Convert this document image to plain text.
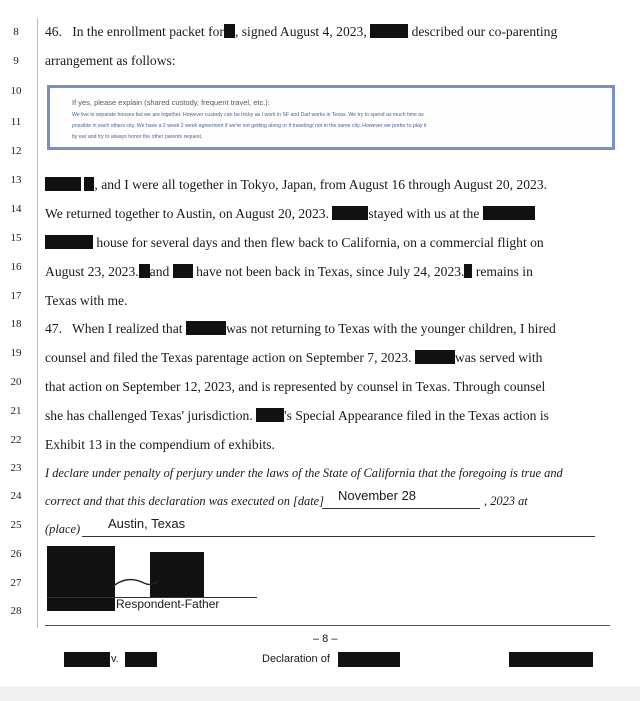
8
9
10
11
12
13
14
15
16
17
18
19
20
21
22
23
24
25
26
27
28
46. In the enrollment packet for , signed August 4, 2023,	described our co-parenting
arrangement as follows:
If yes, please explain (shared custody, frequent travel, etc.):
We live in separate houses but we are together. However custody can be tricky as I work in SF and Dad works in Texas. We try to spend as much time as
possible in each others city. We have a 2 week 2 week agreement if we're not getting along or if traveling/ not in the same city. However we prefer to play it
by ear and try to always honor the other parents request.
, and I were all together in Tokyo, Japan, from August 16 through August 20, 2023.
We returned together to Austin, on August 20, 2023.	stayed with us at the
house for several days and then flew back to California, on a commercial flight on
August 23, 2023. and have not been back in Texas, since July 24, 2023. remains in
Texas with me.
47. When I realized that	was not returning to Texas with the younger children, I hired
counsel and filed the Texas parentage action on September 7, 2023.	was served with
that action on September 12, 2023, and is represented by counsel in Texas. Through counsel
she has challenged Texas' jurisdiction. 's Special Appearance filed in the Texas action is
Exhibit 13 in the compendium of exhibits.
I declare under penalty of perjury under the laws of the State of California that the foregoing is true and
correct and that this declaration was executed on [date] November 28	, 2023 at
(place) Austin, Texas
Respondent-Father
– 8 –
v.	Declaration of
